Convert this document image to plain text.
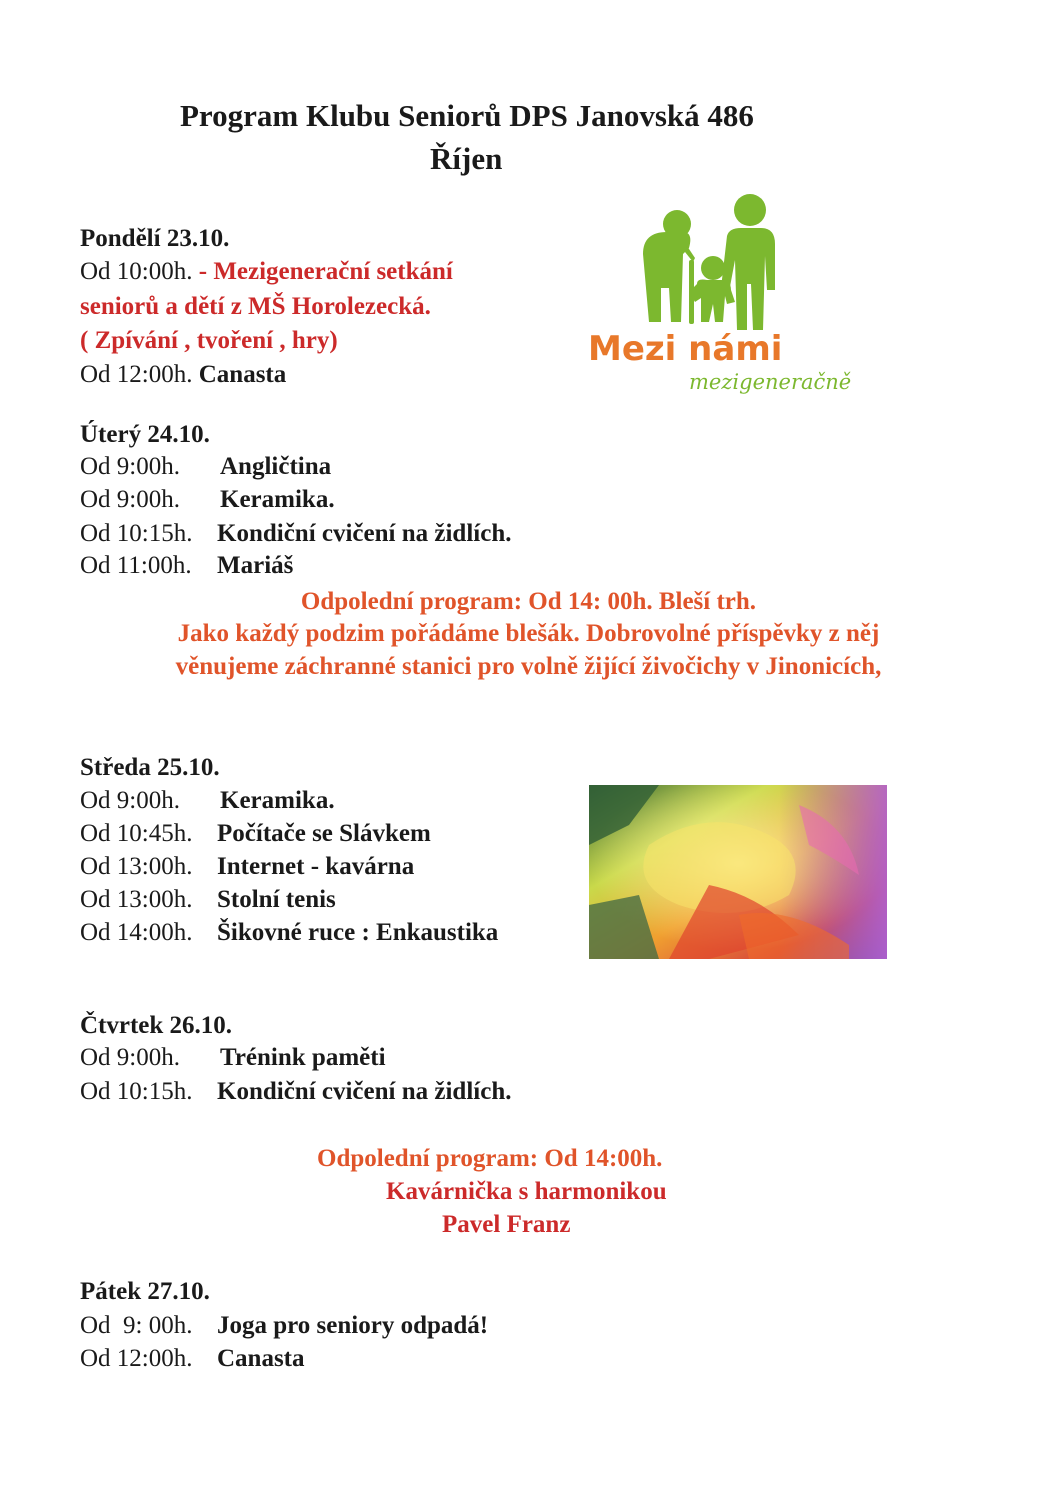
Program Klubu Seniorů DPS Janovská 486
Říjen
Mezi námi
mezigeneračně
Pondělí 23.10.
Od 10:00h. - Mezigenerační setkání
seniorů a dětí z MŠ Horolezecká.
( Zpívání , tvoření , hry)
Od 12:00h. Canasta
Úterý 24.10.
Od 9:00h. Angličtina
Od 9:00h. Keramika.
Od 10:15h. Kondiční cvičení na židlích.
Od 11:00h. Mariáš
Odpolední program: Od 14: 00h. Bleší trh.
Jako každý podzim pořádáme blešák. Dobrovolné příspěvky z něj
věnujeme záchranné stanici pro volně žijící živočichy v Jinonicích,
Středa 25.10.
Od 9:00h. Keramika.
Od 10:45h. Počítače se Slávkem
Od 13:00h. Internet - kavárna
Od 13:00h. Stolní tenis
Od 14:00h. Šikovné ruce : Enkaustika
Čtvrtek 26.10.
Od 9:00h. Trénink paměti
Od 10:15h. Kondiční cvičení na židlích.
Odpolední program: Od 14:00h.
Kavárnička s harmonikou
Pavel Franz
Pátek 27.10.
Od  9: 00h. Joga pro seniory odpadá!
Od 12:00h. Canasta
